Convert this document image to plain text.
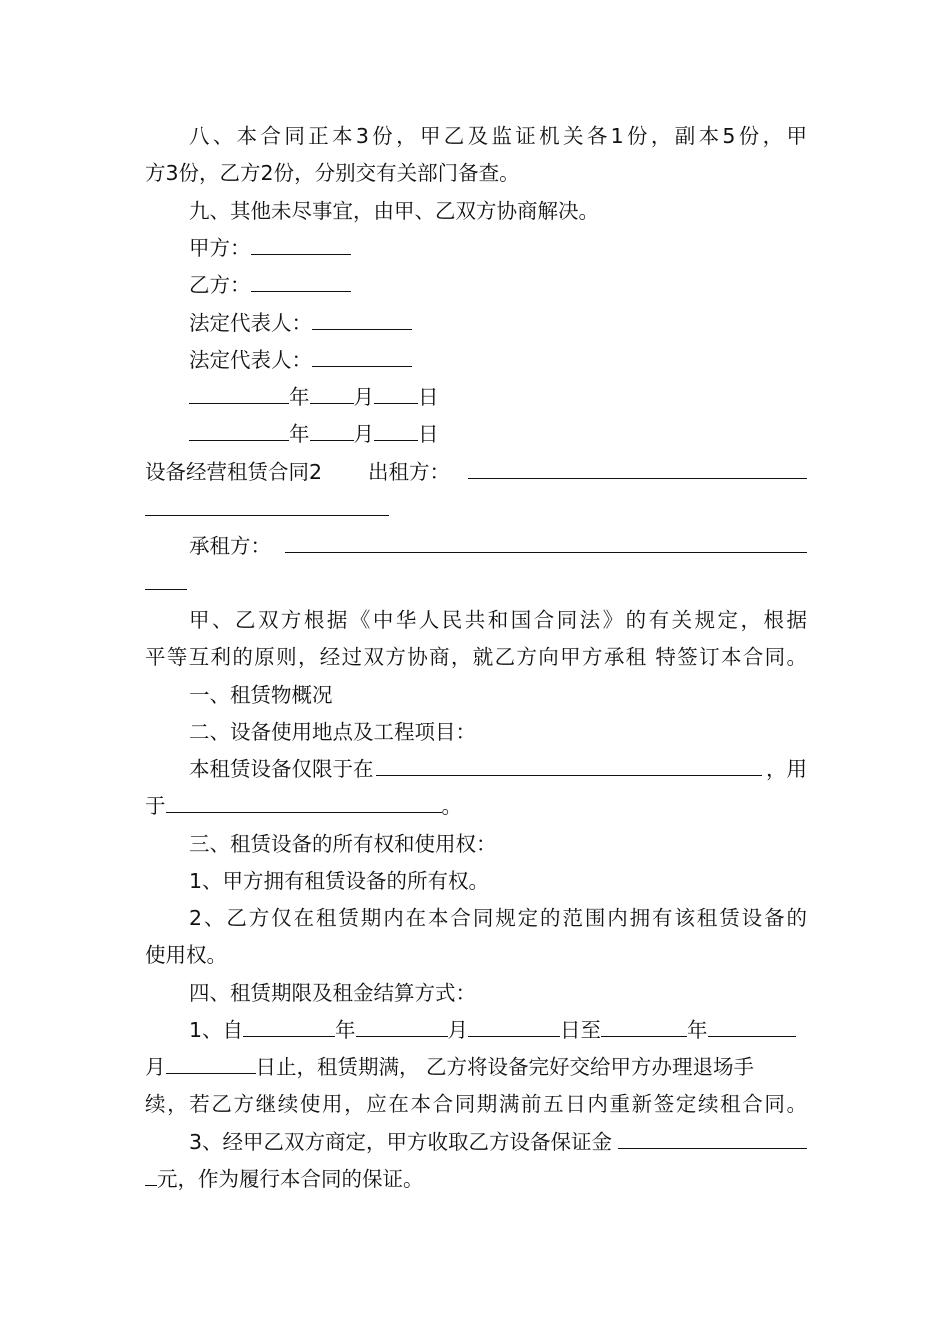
八、本合同正本3份，甲乙及监证机关各1份，副本5份，甲
方3份，乙方2份，分别交有关部门备查。
九、其他未尽事宜，由甲、乙双方协商解决。
甲方：
乙方：
法定代表人：
法定代表人：
年 月 日
年 月 日
设备经营租赁合同2 出租方：
承租方：
甲、乙双方根据《中华人民共和国合同法》的有关规定，根据
平等互利的原则，经过双方协商，就乙方向甲方承租 特签订本合同。
一、租赁物概况
二、设备使用地点及工程项目：
本租赁设备仅限于在	，用
于	。
三、租赁设备的所有权和使用权：
1、甲方拥有租赁设备的所有权。
2、乙方仅在租赁期内在本合同规定的范围内拥有该租赁设备的
使用权。
四、租赁期限及租金结算方式：
1、自	年	月	日至	年
月	日止，租赁期满， 乙方将设备完好交给甲方办理退场手
续，若乙方继续使用，应在本合同期满前五日内重新签定续租合同。
3、经甲乙双方商定，甲方收取乙方设备保证金
元，作为履行本合同的保证。
